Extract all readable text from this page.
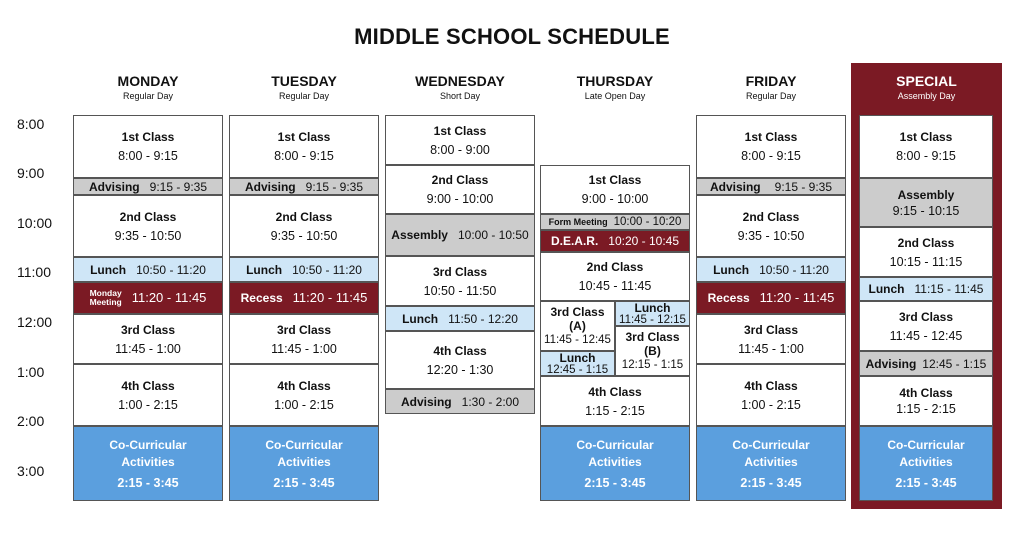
MIDDLE SCHOOL SCHEDULE
8:00
9:00
10:00
11:00
12:00
1:00
2:00
3:00
MONDAY
Regular Day
1st Class
8:00 - 9:15
Advising 9:15 - 9:35
2nd Class
9:35 - 10:50
Lunch 10:50 - 11:20
Monday
Meeting 11:20 - 11:45
3rd Class
11:45 - 1:00
4th Class
1:00 - 2:15
Co-Curricular
Activities
2:15 - 3:45
TUESDAY
Regular Day
1st Class
8:00 - 9:15
Advising 9:15 - 9:35
2nd Class
9:35 - 10:50
Lunch 10:50 - 11:20
Recess 11:20 - 11:45
3rd Class
11:45 - 1:00
4th Class
1:00 - 2:15
Co-Curricular
Activities
2:15 - 3:45
WEDNESDAY
Short Day
1st Class
8:00 - 9:00
2nd Class
9:00 - 10:00
Assembly 10:00 - 10:50
3rd Class
10:50 - 11:50
Lunch 11:50 - 12:20
4th Class
12:20 - 1:30
Advising 1:30 - 2:00
THURSDAY
Late Open Day
1st Class
9:00 - 10:00
Form Meeting 10:00 - 10:20
D.E.A.R. 10:20 - 10:45
2nd Class
10:45 - 11:45
3rd Class
(A)
11:45 - 12:45
Lunch
12:45 - 1:15
Lunch
11:45 - 12:15
3rd Class
(B)
12:15 - 1:15
4th Class
1:15 - 2:15
Co-Curricular
Activities
2:15 - 3:45
FRIDAY
Regular Day
1st Class
8:00 - 9:15
Advising 9:15 - 9:35
2nd Class
9:35 - 10:50
Lunch 10:50 - 11:20
Recess 11:20 - 11:45
3rd Class
11:45 - 1:00
4th Class
1:00 - 2:15
Co-Curricular
Activities
2:15 - 3:45
SPECIAL
Assembly Day
1st Class
8:00 - 9:15
Assembly
9:15 - 10:15
2nd Class
10:15 - 11:15
Lunch 11:15 - 11:45
3rd Class
11:45 - 12:45
Advising 12:45 - 1:15
4th Class
1:15 - 2:15
Co-Curricular
Activities
2:15 - 3:45
